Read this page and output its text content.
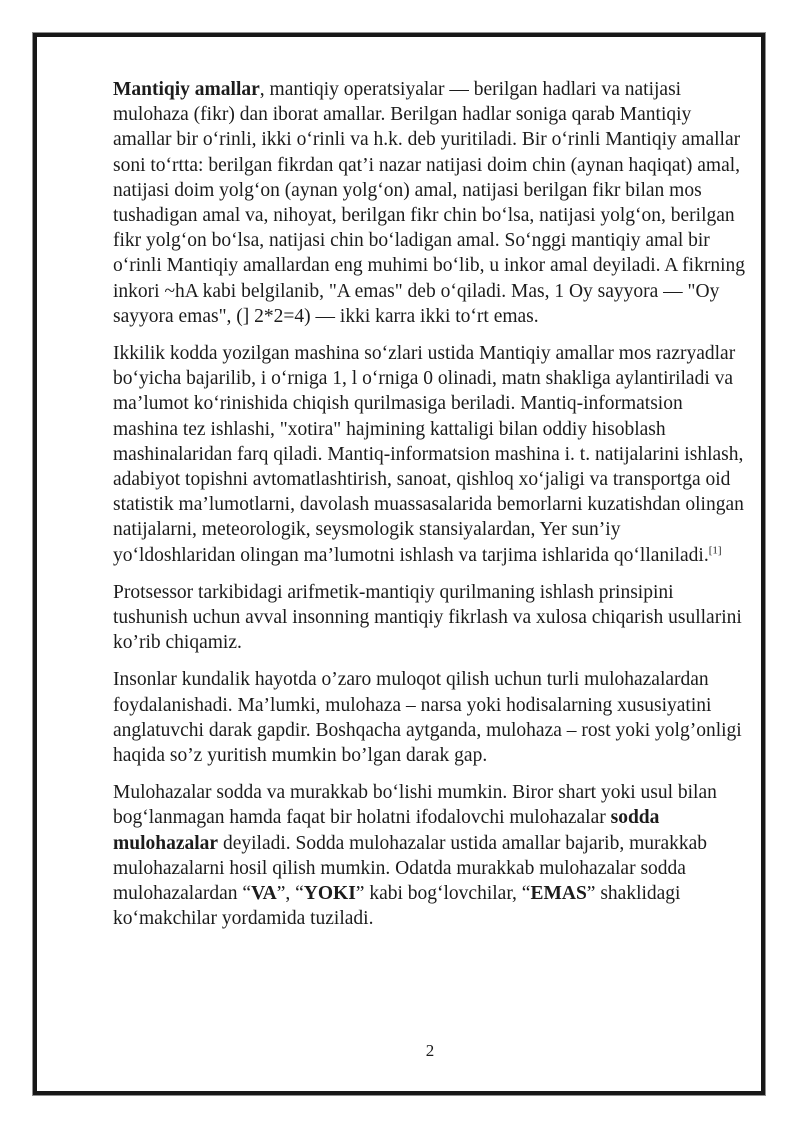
Mantiqiy amallar, mantiqiy operatsiyalar — berilgan hadlari va natijasi mulohaza (fikr) dan iborat amallar. Berilgan hadlar soniga qarab Mantiqiy amallar bir o‘rinli, ikki o‘rinli va h.k. deb yuritiladi. Bir o‘rinli Mantiqiy amallar soni to‘rtta: berilgan fikrdan qat’i nazar natijasi doim chin (aynan haqiqat) amal, natijasi doim yolg‘on (aynan yolg‘on) amal, natijasi berilgan fikr bilan mos tushadigan amal va, nihoyat, berilgan fikr chin bo‘lsa, natijasi yolg‘on, berilgan fikr yolg‘on bo‘lsa, natijasi chin bo‘ladigan amal. So‘nggi mantiqiy amal bir o‘rinli Mantiqiy amallardan eng muhimi bo‘lib, u inkor amal deyiladi. A fikrning inkori ~hA kabi belgilanib, "A emas" deb o‘qiladi. Mas, 1 Oy sayyora — "Oy sayyora emas", (] 2*2=4) — ikki karra ikki to‘rt emas.

Ikkilik kodda yozilgan mashina so‘zlari ustida Mantiqiy amallar mos razryadlar bo‘yicha bajarilib, i o‘rniga 1, l o‘rniga 0 olinadi, matn shakliga aylantiriladi va ma’lumot ko‘rinishida chiqish qurilmasiga beriladi. Mantiq-informatsion mashina tez ishlashi, "xotira" hajmining kattaligi bilan oddiy hisoblash mashinalaridan farq qiladi. Mantiq-informatsion mashina i. t. natijalarini ishlash, adabiyot topishni avtomatlashtirish, sanoat, qishloq xo‘jaligi va transportga oid statistik ma’lumotlarni, davolash muassasalarida bemorlarni kuzatishdan olingan natijalarni, meteorologik, seysmologik stansiyalardan, Yer sun’iy yo‘ldoshlaridan olingan ma’lumotni ishlash va tarjima ishlarida qo‘llaniladi.[1]

Protsessor tarkibidagi arifmetik-mantiqiy qurilmaning ishlash prinsipini tushunish uchun avval insonning mantiqiy fikrlash va xulosa chiqarish usullarini ko’rib chiqamiz.

Insonlar kundalik hayotda o’zaro muloqot qilish uchun turli mulohazalardan foydalanishadi. Ma’lumki, mulohaza – narsa yoki hodisalarning xususiyatini anglatuvchi darak gapdir. Boshqacha aytganda, mulohaza – rost yoki yolg’onligi haqida so’z yuritish mumkin bo’lgan darak gap.

Mulohazalar sodda va murakkab bo‘lishi mumkin. Biror shart yoki usul bilan bog‘lanmagan hamda faqat bir holatni ifodalovchi mulohazalar sodda mulohazalar deyiladi. Sodda mulohazalar ustida amallar bajarib, murakkab mulohazalarni hosil qilish mumkin. Odatda murakkab mulohazalar sodda mulohazalardan “VA”, “YOKI” kabi bog‘lovchilar, “EMAS” shaklidagi ko‘makchilar yordamida tuziladi.

2
